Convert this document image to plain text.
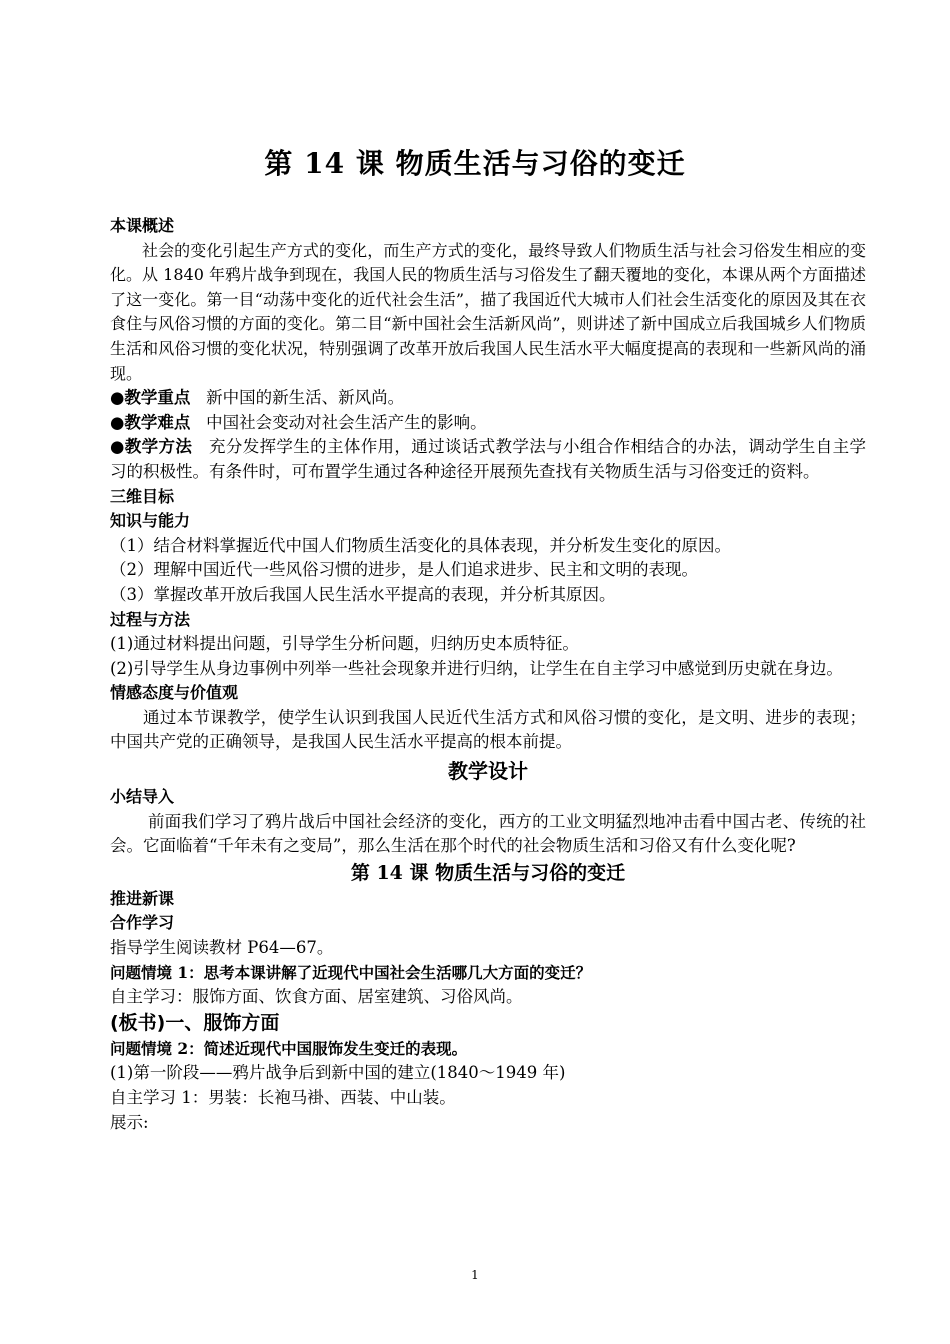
第 14 课 物质生活与习俗的变迁

本课概述

社会的变化引起生产方式的变化，而生产方式的变化，最终导致人们物质生活与社会习俗发生相应的变化。从 1840 年鸦片战争到现在，我国人民的物质生活与习俗发生了翻天覆地的变化，本课从两个方面描述了这一变化。第一目“动荡中变化的近代社会生活”，描了我国近代大城市人们社会生活变化的原因及其在衣食住与风俗习惯的方面的变化。第二目“新中国社会生活新风尚”，则讲述了新中国成立后我国城乡人们物质生活和风俗习惯的变化状况，特别强调了改革开放后我国人民生活水平大幅度提高的表现和一些新风尚的涌现。

●教学重点 新中国的新生活、新风尚。

●教学难点 中国社会变动对社会生活产生的影响。

●教学方法 充分发挥学生的主体作用，通过谈话式教学法与小组合作相结合的办法，调动学生自主学习的积极性。有条件时，可布置学生通过各种途径开展预先查找有关物质生活与习俗变迁的资料。

三维目标

知识与能力

（1）结合材料掌握近代中国人们物质生活变化的具体表现，并分析发生变化的原因。

（2）理解中国近代一些风俗习惯的进步，是人们追求进步、民主和文明的表现。

（3）掌握改革开放后我国人民生活水平提高的表现，并分析其原因。

过程与方法

(1)通过材料提出问题，引导学生分析问题，归纳历史本质特征。

(2)引导学生从身边事例中列举一些社会现象并进行归纳，让学生在自主学习中感觉到历史就在身边。

情感态度与价值观

通过本节课教学，使学生认识到我国人民近代生活方式和风俗习惯的变化，是文明、进步的表现；中国共产党的正确领导，是我国人民生活水平提高的根本前提。

教学设计

小结导入

前面我们学习了鸦片战后中国社会经济的变化，西方的工业文明猛烈地冲击看中国古老、传统的社会。它面临着“千年未有之变局”，那么生活在那个时代的社会物质生活和习俗又有什么变化呢?

第 14 课 物质生活与习俗的变迁

推进新课

合作学习

指导学生阅读教材 P64—67。

问题情境 1：思考本课讲解了近现代中国社会生活哪几大方面的变迁？

自主学习：服饰方面、饮食方面、居室建筑、习俗风尚。

(板书)一、服饰方面

问题情境 2：简述近现代中国服饰发生变迁的表现。

(1)第一阶段——鸦片战争后到新中国的建立(1840～1949 年)

自主学习 1：男装：长袍马褂、西装、中山装。

展示:

1
